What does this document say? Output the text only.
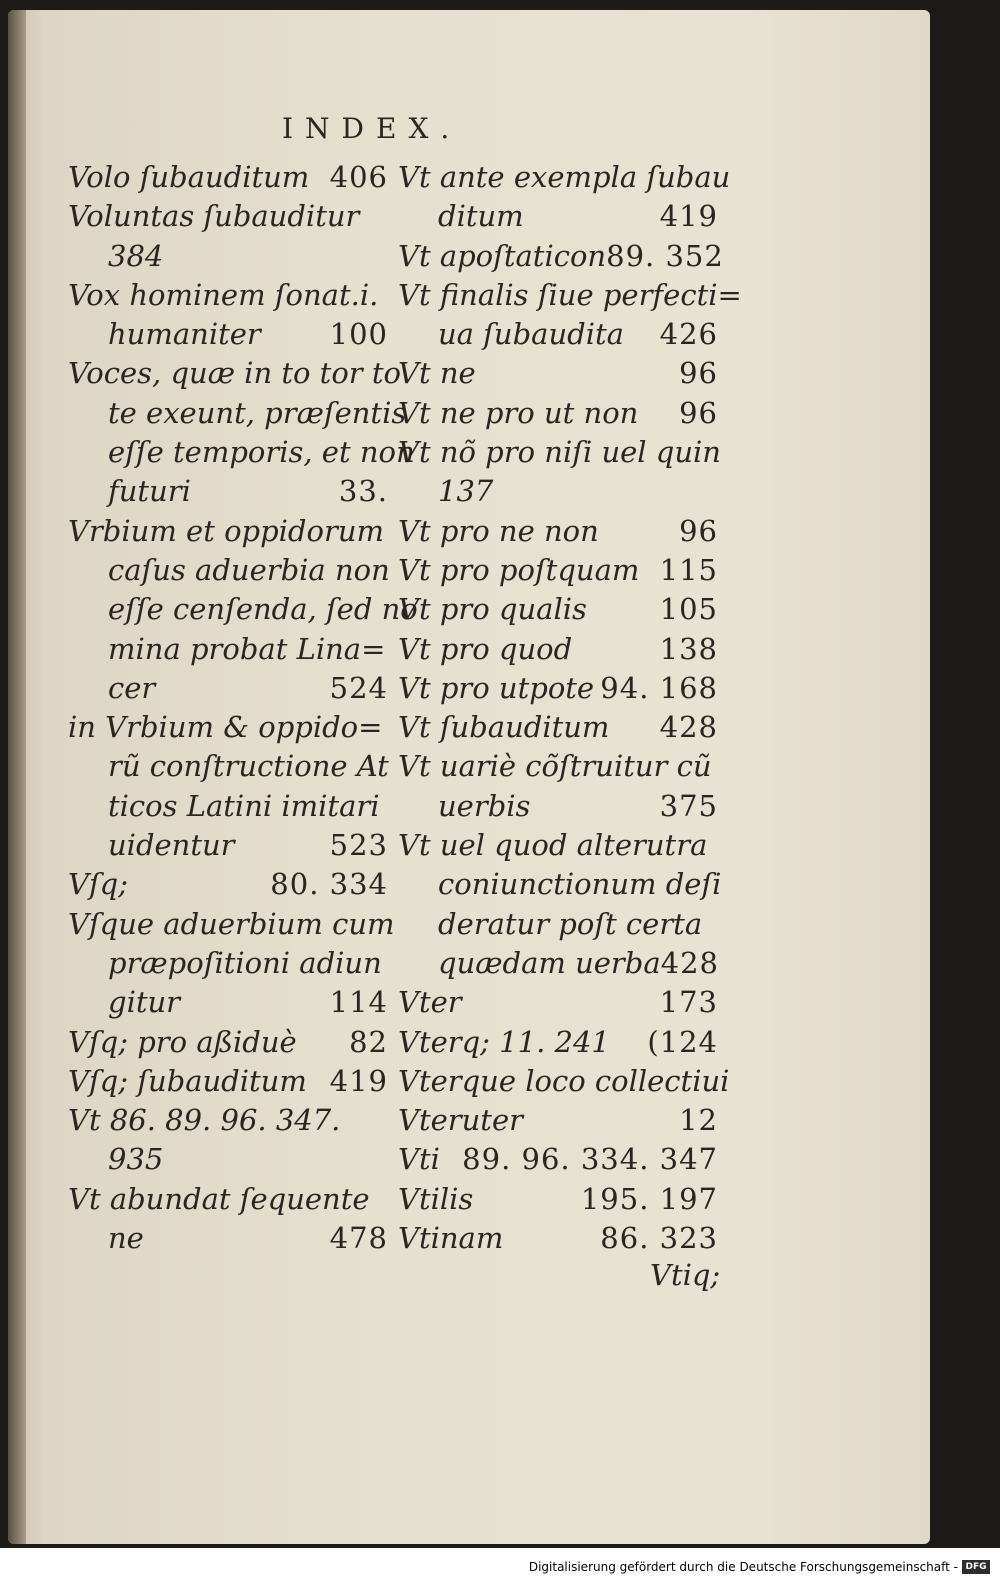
INDEX.
Volo ſubauditum 406
Voluntas ſubauditur
384
Vox hominem ſonat.i.
humaniter 100
Voces, quæ in to tor to
te exeunt, præſentis
eſſe temporis, et non
futuri	33.
Vrbium et oppidorum
caſus aduerbia non
eſſe cenſenda, ſed no
mina probat Lina=
cer	524
in Vrbium & oppido=
rũ conſtructione At
ticos Latini imitari
uidentur	523
Vſq;	80. 334
Vſque aduerbium cum
præpoſitioni adiun
gitur	114
Vſq; pro aßiduè 82
Vſq; ſubauditum 419
Vt 86. 89. 96. 347.
935
Vt abundat ſequente
ne	478
Vt ante exempla ſubau
ditum	419
Vt apoſtaticon 89. 352
Vt finalis ſiue perfecti=
ua ſubaudita 426
Vt ne	96
Vt ne pro ut non 96
Vt nõ pro niſi uel quin
137
Vt pro ne non	96
Vt pro poſtquam 115
Vt pro qualis	105
Vt pro quod	138
Vt pro utpote 94. 168
Vt ſubauditum 428
Vt uariè cõſtruitur cũ
uerbis	375
Vt uel quod alterutra
coniunctionum deſi
deratur poſt certa
quædam uerba 428
Vter	173
Vterq; 11. 241 (124
Vterque loco collectiui
Vteruter	12
Vti 89. 96. 334. 347
Vtilis	195. 197
Vtinam	86. 323
Vtiq;
Digitalisierung gefördert durch die Deutsche Forschungsgemeinschaft - DFG
